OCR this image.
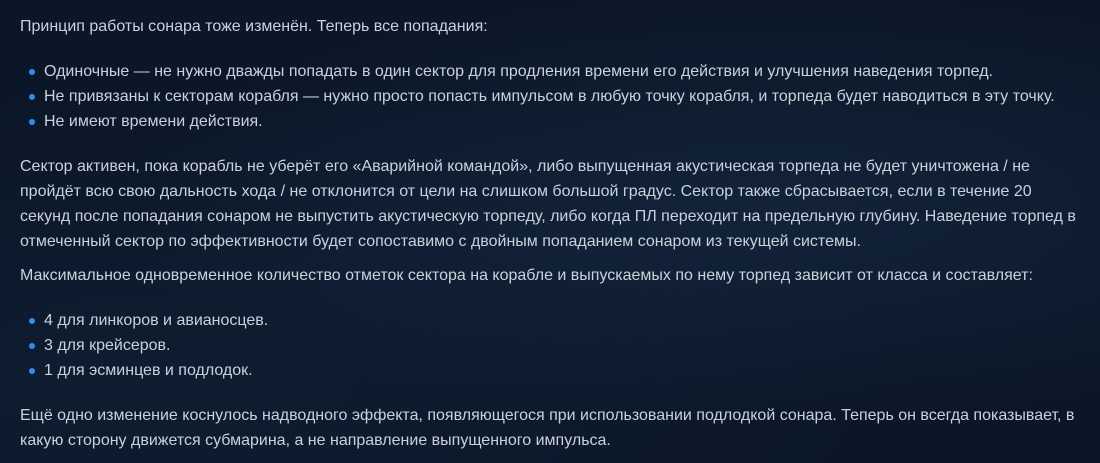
Принцип работы сонара тоже изменён. Теперь все попадания:

Одиночные — не нужно дважды попадать в один сектор для продления времени его действия и улучшения наведения торпед.
Не привязаны к секторам корабля — нужно просто попасть импульсом в любую точку корабля, и торпеда будет наводиться в эту точку.
Не имеют времени действия.

Сектор активен, пока корабль не уберёт его «Аварийной командой», либо выпущенная акустическая торпеда не будет уничтожена / не пройдёт всю свою дальность хода / не отклонится от цели на слишком большой градус. Сектор также сбрасывается, если в течение 20 секунд после попадания сонаром не выпустить акустическую торпеду, либо когда ПЛ переходит на предельную глубину. Наведение торпед в отмеченный сектор по эффективности будет сопоставимо с двойным попаданием сонаром из текущей системы.

Максимальное одновременное количество отметок сектора на корабле и выпускаемых по нему торпед зависит от класса и составляет:

4 для линкоров и авианосцев.
3 для крейсеров.
1 для эсминцев и подлодок.

Ещё одно изменение коснулось надводного эффекта, появляющегося при использовании подлодкой сонара. Теперь он всегда показывает, в какую сторону движется субмарина, а не направление выпущенного импульса.
